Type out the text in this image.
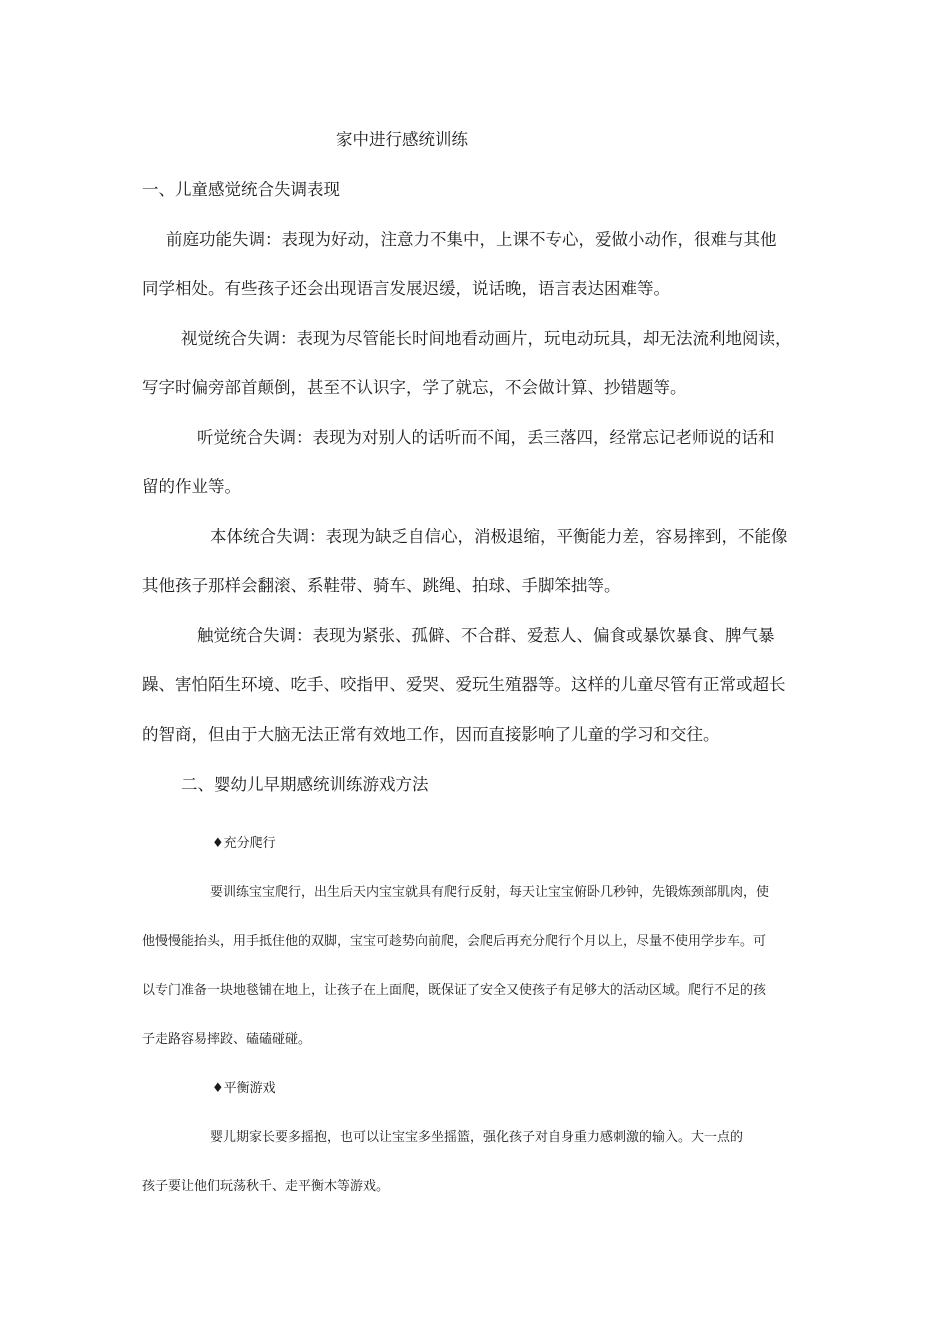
家中进行感统训练
一、儿童感觉统合失调表现
前庭功能失调：表现为好动，注意力不集中，上课不专心，爱做小动作，很难与其他
同学相处。有些孩子还会出现语言发展迟缓，说话晚，语言表达困难等。
视觉统合失调：表现为尽管能长时间地看动画片，玩电动玩具，却无法流利地阅读，
写字时偏旁部首颠倒，甚至不认识字，学了就忘，不会做计算、抄错题等。
听觉统合失调：表现为对别人的话听而不闻，丢三落四，经常忘记老师说的话和
留的作业等。
本体统合失调：表现为缺乏自信心，消极退缩，平衡能力差，容易摔到，不能像
其他孩子那样会翻滚、系鞋带、骑车、跳绳、拍球、手脚笨拙等。
触觉统合失调：表现为紧张、孤僻、不合群、爱惹人、偏食或暴饮暴食、脾气暴
躁、害怕陌生环境、吃手、咬指甲、爱哭、爱玩生殖器等。这样的儿童尽管有正常或超长
的智商，但由于大脑无法正常有效地工作，因而直接影响了儿童的学习和交往。
二、婴幼儿早期感统训练游戏方法
♦充分爬行
要训练宝宝爬行，出生后天内宝宝就具有爬行反射，每天让宝宝俯卧几秒钟，先锻炼颈部肌肉，使
他慢慢能抬头，用手抵住他的双脚，宝宝可趁势向前爬，会爬后再充分爬行个月以上，尽量不使用学步车。可
以专门准备一块地毯铺在地上，让孩子在上面爬，既保证了安全又使孩子有足够大的活动区域。爬行不足的孩
子走路容易摔跤、磕磕碰碰。
♦平衡游戏
婴儿期家长要多摇抱，也可以让宝宝多坐摇篮，强化孩子对自身重力感刺激的输入。大一点的
孩子要让他们玩荡秋千、走平衡木等游戏。
